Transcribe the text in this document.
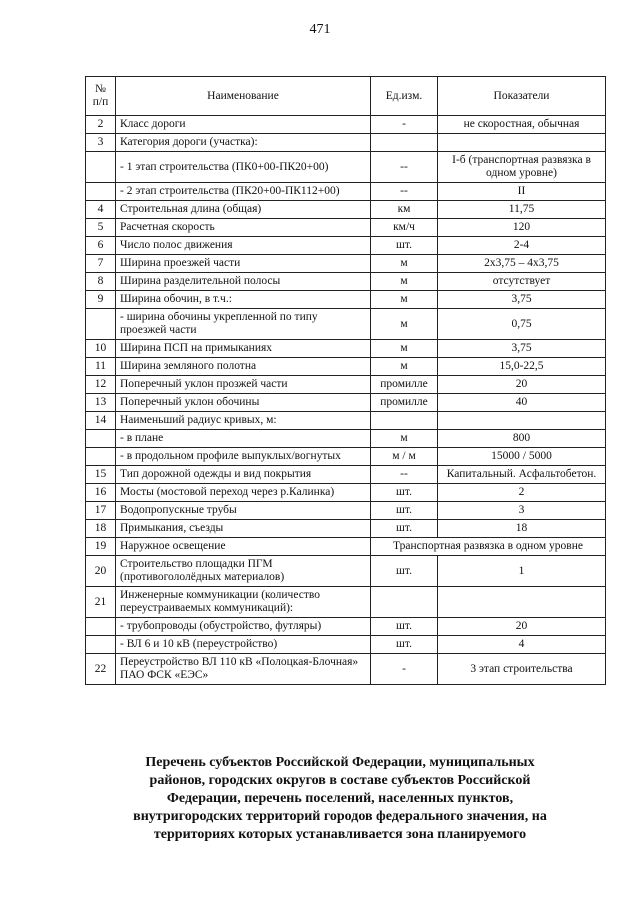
471
№ п/п	Наименование	Ед.изм.	Показатели
2	Класс дороги	-	не скоростная, обычная
3	Категория дороги (участка):		
	- 1 этап строительства (ПК0+00-ПК20+00)	--	I-б (транспортная развязка в одном уровне)
	- 2 этап строительства (ПК20+00-ПК112+00)	--	II
4	Строительная длина (общая)	км	11,75
5	Расчетная скорость	км/ч	120
6	Число полос движения	шт.	2-4
7	Ширина проезжей части	м	2х3,75 – 4х3,75
8	Ширина разделительной полосы	м	отсутствует
9	Ширина обочин, в т.ч.:	м	3,75
	- ширина обочины укрепленной по типу проезжей части	м	0,75
10	Ширина ПСП на примыканиях	м	3,75
11	Ширина земляного полотна	м	15,0-22,5
12	Поперечный уклон прозжей части	промилле	20
13	Поперечный уклон обочины	промилле	40
14	Наименьший радиус кривых, м:		
	- в плане	м	800
	- в продольном профиле выпуклых/вогнутых	м / м	15000 / 5000
15	Тип дорожной одежды и вид покрытия	--	Капитальный. Асфальтобетон.
16	Мосты (мостовой переход через р.Калинка)	шт.	2
17	Водопропускные трубы	шт.	3
18	Примыкания, съезды	шт.	18
19	Наружное освещение	Транспортная развязка в одном уровне	
20	Строительство площадки ПГМ (противогололёдных материалов)	шт.	1
21	Инженерные коммуникации (количество переустраиваемых коммуникаций):		
	- трубопроводы (обустройство, футляры)	шт.	20
	- ВЛ 6 и 10 кВ (переустройство)	шт.	4
22	Переустройство ВЛ 110 кВ «Полоцкая-Блочная» ПАО ФСК «ЕЭС»	-	3 этап строительства
Перечень субъектов Российской Федерации, муниципальных
районов, городских округов в составе субъектов Российской
Федерации, перечень поселений, населенных пунктов,
внутригородских территорий городов федерального значения, на
территориях которых устанавливается зона планируемого
